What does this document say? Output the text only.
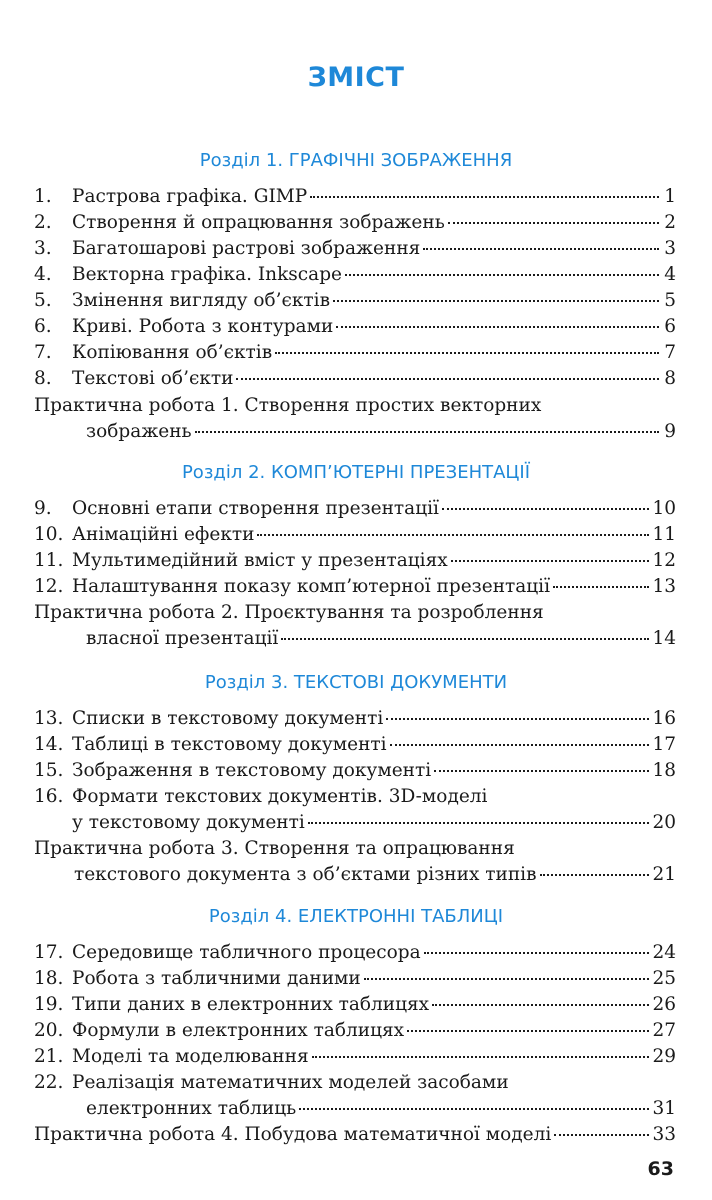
ЗМІСТ
Розділ 1. ГРАФІЧНІ ЗОБРАЖЕННЯ
1.	Растрова графіка. GIMP	1
2.	Створення й опрацювання зображень	2
3.	Багатошарові растрові зображення	3
4.	Векторна графіка. Inkscape	4
5.	Змінення вигляду об’єктів	5
6.	Криві. Робота з контурами	6
7.	Копіювання об’єктів	7
8.	Текстові об’єкти	8
Практична робота 1. Створення простих векторних
зображень	9
Розділ 2. КОМП’ЮТЕРНІ ПРЕЗЕНТАЦІЇ
9.	Основні етапи створення презентації	10
10. Анімаційні ефекти	11
11. Мультимедійний вміст у презентаціях	12
12. Налаштування показу комп’ютерної презентації	13
Практична робота 2. Проєктування та розроблення
власної презентації	14
Розділ 3. ТЕКСТОВІ ДОКУМЕНТИ
13. Списки в текстовому документі	16
14. Таблиці в текстовому документі	17
15. Зображення в текстовому документі	18
16. Формати текстових документів. 3D-моделі
у текстовому документі	20
Практична робота 3. Створення та опрацювання
текстового документа з об’єктами різних типів	21
Розділ 4. ЕЛЕКТРОННІ ТАБЛИЦІ
17. Середовище табличного процесора	24
18. Робота з табличними даними	25
19. Типи даних в електронних таблицях	26
20. Формули в електронних таблицях	27
21. Моделі та моделювання	29
22. Реалізація математичних моделей засобами
електронних таблиць	31
Практична робота 4. Побудова математичної моделі	33
63
